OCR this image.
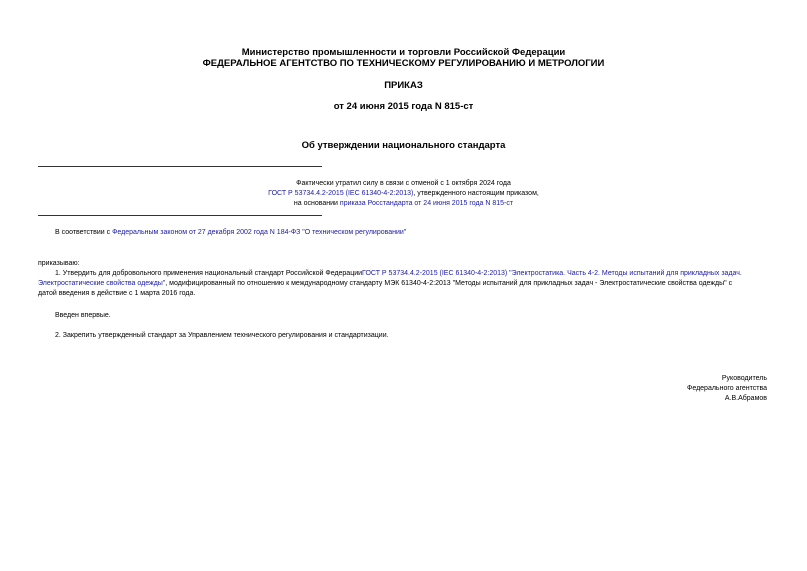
Министерство промышленности и торговли Российской Федерации
ФЕДЕРАЛЬНОЕ АГЕНТСТВО ПО ТЕХНИЧЕСКОМУ РЕГУЛИРОВАНИЮ И МЕТРОЛОГИИ
ПРИКАЗ
от 24 июня 2015 года N 815-ст
Об утверждении национального стандарта
Фактически утратил силу в связи с отменой с 1 октября 2024 года
ГОСТ Р 53734.4.2-2015 (IEC 61340-4-2:2013), утвержденного настоящим приказом,
на основании приказа Росстандарта от 24 июня 2015 года N 815-ст
В соответствии с Федеральным законом от 27 декабря 2002 года N 184-ФЗ "О техническом регулировании"
приказываю:
1. Утвердить для добровольного применения национальный стандарт Российской ФедерацииГОСТ Р 53734.4.2-2015 (IEC 61340-4-2:2013) "Электростатика. Часть 4-2. Методы испытаний для прикладных задач.
Электростатические свойства одежды", модифицированный по отношению к международному стандарту МЭК 61340-4-2:2013 "Методы испытаний для прикладных задач - Электростатические свойства одежды" с
датой введения в действие с 1 марта 2016 года.
Введен впервые.
2. Закрепить утвержденный стандарт за Управлением технического регулирования и стандартизации.
Руководитель
Федерального агентства
А.В.Абрамов
